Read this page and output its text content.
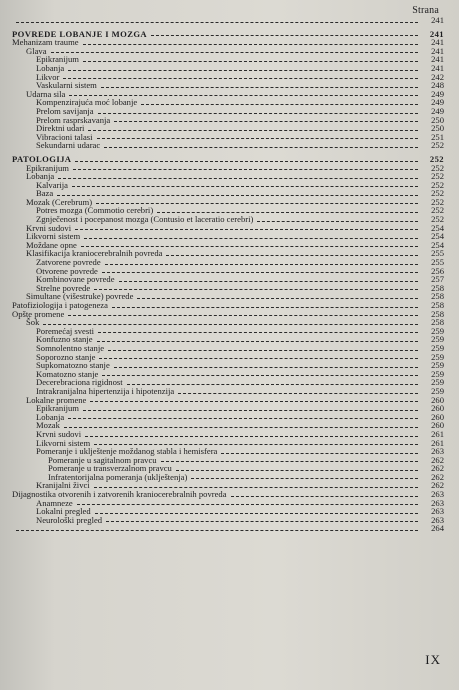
Strana
241
POVREDE LOBANJE I MOZGA	241
Mehanizam traume	241
Glava	241
Epikranijum	241
Lobanja	241
Likvor	242
Vaskularni sistem	248
Udarna sila	249
Kompenzirajuća moć lobanje	249
Prelom savijanja	249
Prelom rasprskavanja	250
Direktni udari	250
Vibracioni talasi	251
Sekundarni udarac	252
PATOLOGIJA	252
Epikranijum	252
Lobanja	252
Kalvarija	252
Baza	252
Mozak (Cerebrum)	252
Potres mozga (Commotio cerebri)	252
Zgnječenost i pocepanost mozga (Contusio et laceratio cerebri)	252
Krvni sudovi	254
Likvorni sistem	254
Moždane opne	254
Klasifikacija kraniocerebralnih povreda	255
Zatvorene povrede	255
Otvorene povrede	256
Kombinovane povrede	257
Strelne povrede	258
Simultane (višestruke) povrede	258
Patofiziologija i patogeneza	258
Opšte promene	258
Šok	258
Poremećaj svesti	259
Konfuzno stanje	259
Somnolentno stanje	259
Soporozno stanje	259
Supkomatozno stanje	259
Komatozno stanje	259
Decerebraciona rigidnost	259
Intrakranijalna hipertenzija i hipotenzija	259
Lokalne promene	260
Epikranijum	260
Lobanja	260
Mozak	260
Krvni sudovi	261
Likvorni sistem	261
Pomeranje i uklještenje moždanog stabla i hemisfera	263
Pomeranje u sagitalnom pravcu	262
Pomeranje u transverzalnom pravcu	262
Infratentorijalna pomeranja (uklještenja)	262
Kranijalni živci	262
Dijagnostika otvorenih i zatvorenih kraniocerebralnih povreda	263
Anamneze	263
Lokalni pregled	263
Neurološki pregled	263
264
IX
